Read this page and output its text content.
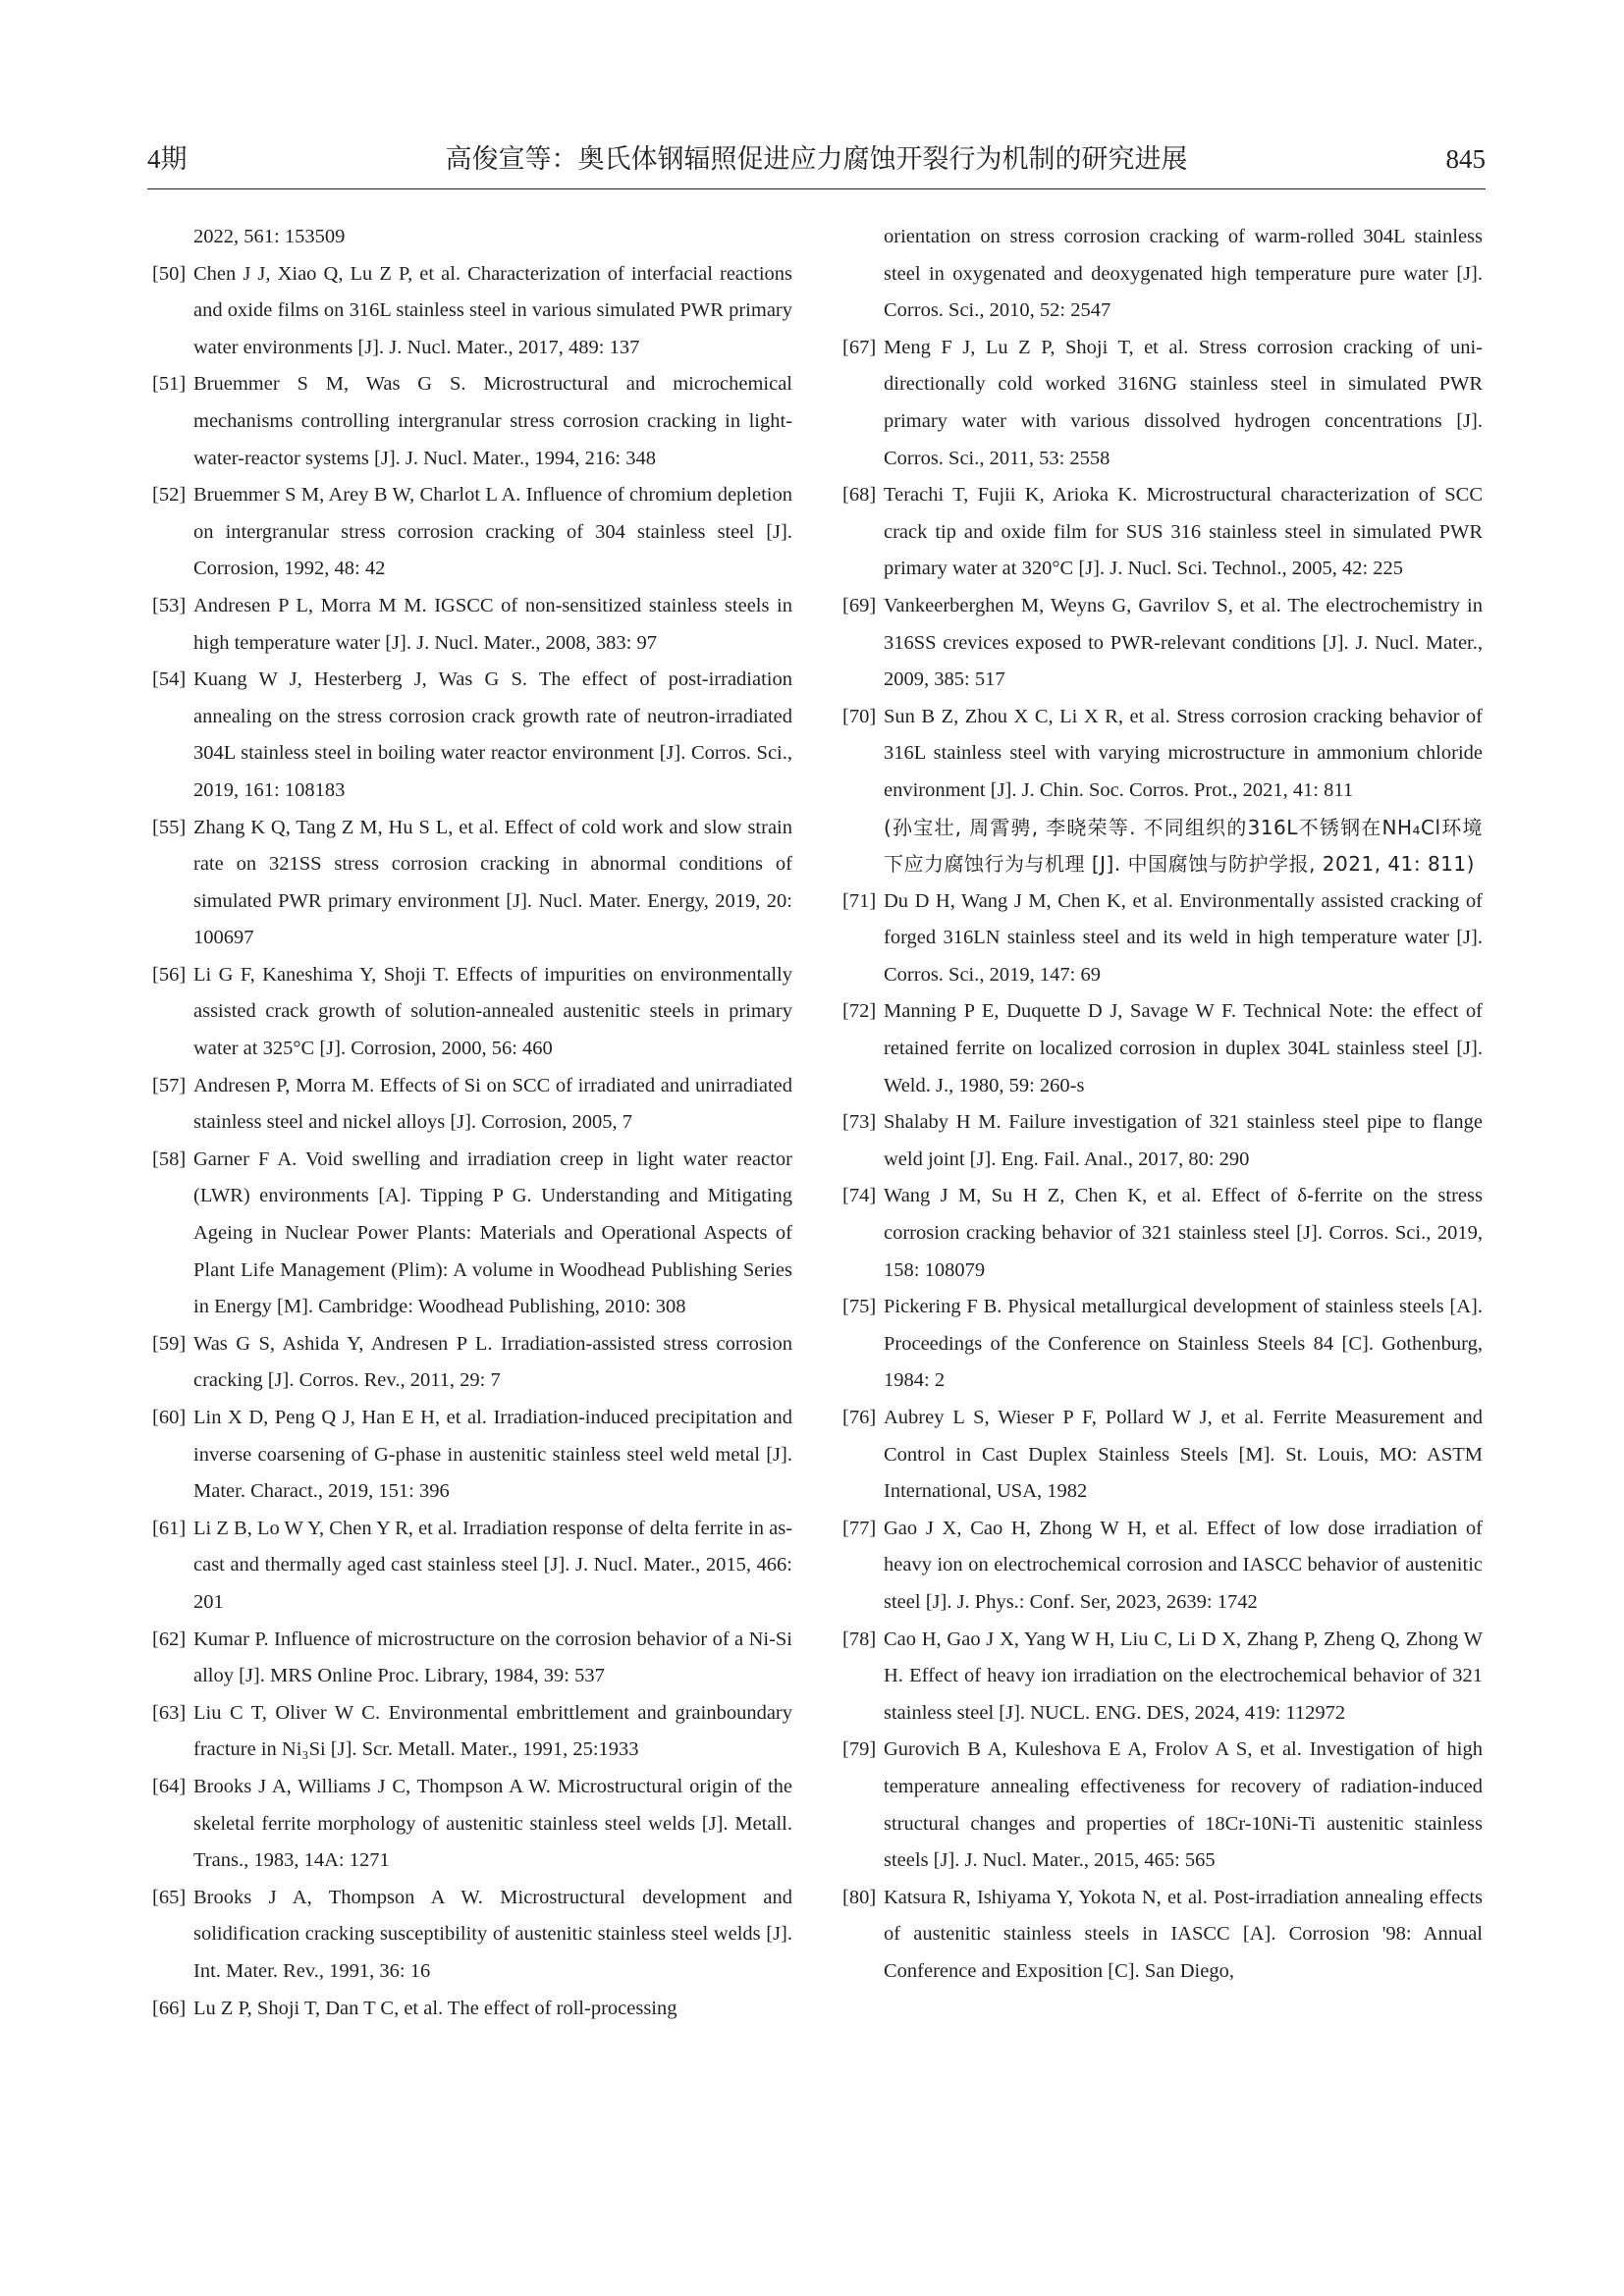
4期	高俊宣等：奥氏体钢辐照促进应力腐蚀开裂行为机制的研究进展	845

2022, 561: 153509

[50] Chen J J, Xiao Q, Lu Z P, et al. Characterization of interfacial reactions and oxide films on 316L stainless steel in various simulated PWR primary water environments [J]. J. Nucl. Mater., 2017, 489: 137

[51] Bruemmer S M, Was G S. Microstructural and microchemical mechanisms controlling intergranular stress corrosion cracking in light-water-reactor systems [J]. J. Nucl. Mater., 1994, 216: 348

[52] Bruemmer S M, Arey B W, Charlot L A. Influence of chromium depletion on intergranular stress corrosion cracking of 304 stainless steel [J]. Corrosion, 1992, 48: 42

[53] Andresen P L, Morra M M. IGSCC of non-sensitized stainless steels in high temperature water [J]. J. Nucl. Mater., 2008, 383: 97

[54] Kuang W J, Hesterberg J, Was G S. The effect of post-irradiation annealing on the stress corrosion crack growth rate of neutron-irradiated 304L stainless steel in boiling water reactor environment [J]. Corros. Sci., 2019, 161: 108183

[55] Zhang K Q, Tang Z M, Hu S L, et al. Effect of cold work and slow strain rate on 321SS stress corrosion cracking in abnormal conditions of simulated PWR primary environment [J]. Nucl. Mater. Energy, 2019, 20: 100697

[56] Li G F, Kaneshima Y, Shoji T. Effects of impurities on environmentally assisted crack growth of solution-annealed austenitic steels in primary water at 325°C [J]. Corrosion, 2000, 56: 460

[57] Andresen P, Morra M. Effects of Si on SCC of irradiated and unirradiated stainless steel and nickel alloys [J]. Corrosion, 2005, 7

[58] Garner F A. Void swelling and irradiation creep in light water reactor (LWR) environments [A]. Tipping P G. Understanding and Mitigating Ageing in Nuclear Power Plants: Materials and Operational Aspects of Plant Life Management (Plim): A volume in Woodhead Publishing Series in Energy [M]. Cambridge: Woodhead Publishing, 2010: 308

[59] Was G S, Ashida Y, Andresen P L. Irradiation-assisted stress corrosion cracking [J]. Corros. Rev., 2011, 29: 7

[60] Lin X D, Peng Q J, Han E H, et al. Irradiation-induced precipitation and inverse coarsening of G-phase in austenitic stainless steel weld metal [J]. Mater. Charact., 2019, 151: 396

[61] Li Z B, Lo W Y, Chen Y R, et al. Irradiation response of delta ferrite in as-cast and thermally aged cast stainless steel [J]. J. Nucl. Mater., 2015, 466: 201

[62] Kumar P. Influence of microstructure on the corrosion behavior of a Ni-Si alloy [J]. MRS Online Proc. Library, 1984, 39: 537

[63] Liu C T, Oliver W C. Environmental embrittlement and grainboundary fracture in Ni₃Si [J]. Scr. Metall. Mater., 1991, 25:1933

[64] Brooks J A, Williams J C, Thompson A W. Microstructural origin of the skeletal ferrite morphology of austenitic stainless steel welds [J]. Metall. Trans., 1983, 14A: 1271

[65] Brooks J A, Thompson A W. Microstructural development and solidification cracking susceptibility of austenitic stainless steel welds [J]. Int. Mater. Rev., 1991, 36: 16

[66] Lu Z P, Shoji T, Dan T C, et al. The effect of roll-processing

orientation on stress corrosion cracking of warm-rolled 304L stainless steel in oxygenated and deoxygenated high temperature pure water [J]. Corros. Sci., 2010, 52: 2547

[67] Meng F J, Lu Z P, Shoji T, et al. Stress corrosion cracking of uni-directionally cold worked 316NG stainless steel in simulated PWR primary water with various dissolved hydrogen concentrations [J]. Corros. Sci., 2011, 53: 2558

[68] Terachi T, Fujii K, Arioka K. Microstructural characterization of SCC crack tip and oxide film for SUS 316 stainless steel in simulated PWR primary water at 320°C [J]. J. Nucl. Sci. Technol., 2005, 42: 225

[69] Vankeerberghen M, Weyns G, Gavrilov S, et al. The electrochemistry in 316SS crevices exposed to PWR-relevant conditions [J]. J. Nucl. Mater., 2009, 385: 517

[70] Sun B Z, Zhou X C, Li X R, et al. Stress corrosion cracking behavior of 316L stainless steel with varying microstructure in ammonium chloride environment [J]. J. Chin. Soc. Corros. Prot., 2021, 41: 811
(孙宝壮, 周霄骋, 李晓荣等. 不同组织的316L不锈钢在NH₄Cl环境下应力腐蚀行为与机理 [J]. 中国腐蚀与防护学报, 2021, 41: 811)

[71] Du D H, Wang J M, Chen K, et al. Environmentally assisted cracking of forged 316LN stainless steel and its weld in high temperature water [J]. Corros. Sci., 2019, 147: 69

[72] Manning P E, Duquette D J, Savage W F. Technical Note: the effect of retained ferrite on localized corrosion in duplex 304L stainless steel [J]. Weld. J., 1980, 59: 260-s

[73] Shalaby H M. Failure investigation of 321 stainless steel pipe to flange weld joint [J]. Eng. Fail. Anal., 2017, 80: 290

[74] Wang J M, Su H Z, Chen K, et al. Effect of δ-ferrite on the stress corrosion cracking behavior of 321 stainless steel [J]. Corros. Sci., 2019, 158: 108079

[75] Pickering F B. Physical metallurgical development of stainless steels [A]. Proceedings of the Conference on Stainless Steels 84 [C]. Gothenburg, 1984: 2

[76] Aubrey L S, Wieser P F, Pollard W J, et al. Ferrite Measurement and Control in Cast Duplex Stainless Steels [M]. St. Louis, MO: ASTM International, USA, 1982

[77] Gao J X, Cao H, Zhong W H, et al. Effect of low dose irradiation of heavy ion on electrochemical corrosion and IASCC behavior of austenitic steel [J]. J. Phys.: Conf. Ser, 2023, 2639: 1742

[78] Cao H, Gao J X, Yang W H, Liu C, Li D X, Zhang P, Zheng Q, Zhong W H. Effect of heavy ion irradiation on the electrochemical behavior of 321 stainless steel [J]. NUCL. ENG. DES, 2024, 419: 112972

[79] Gurovich B A, Kuleshova E A, Frolov A S, et al. Investigation of high temperature annealing effectiveness for recovery of radiation-induced structural changes and properties of 18Cr-10Ni-Ti austenitic stainless steels [J]. J. Nucl. Mater., 2015, 465: 565

[80] Katsura R, Ishiyama Y, Yokota N, et al. Post-irradiation annealing effects of austenitic stainless steels in IASCC [A]. Corrosion '98: Annual Conference and Exposition [C]. San Diego,
